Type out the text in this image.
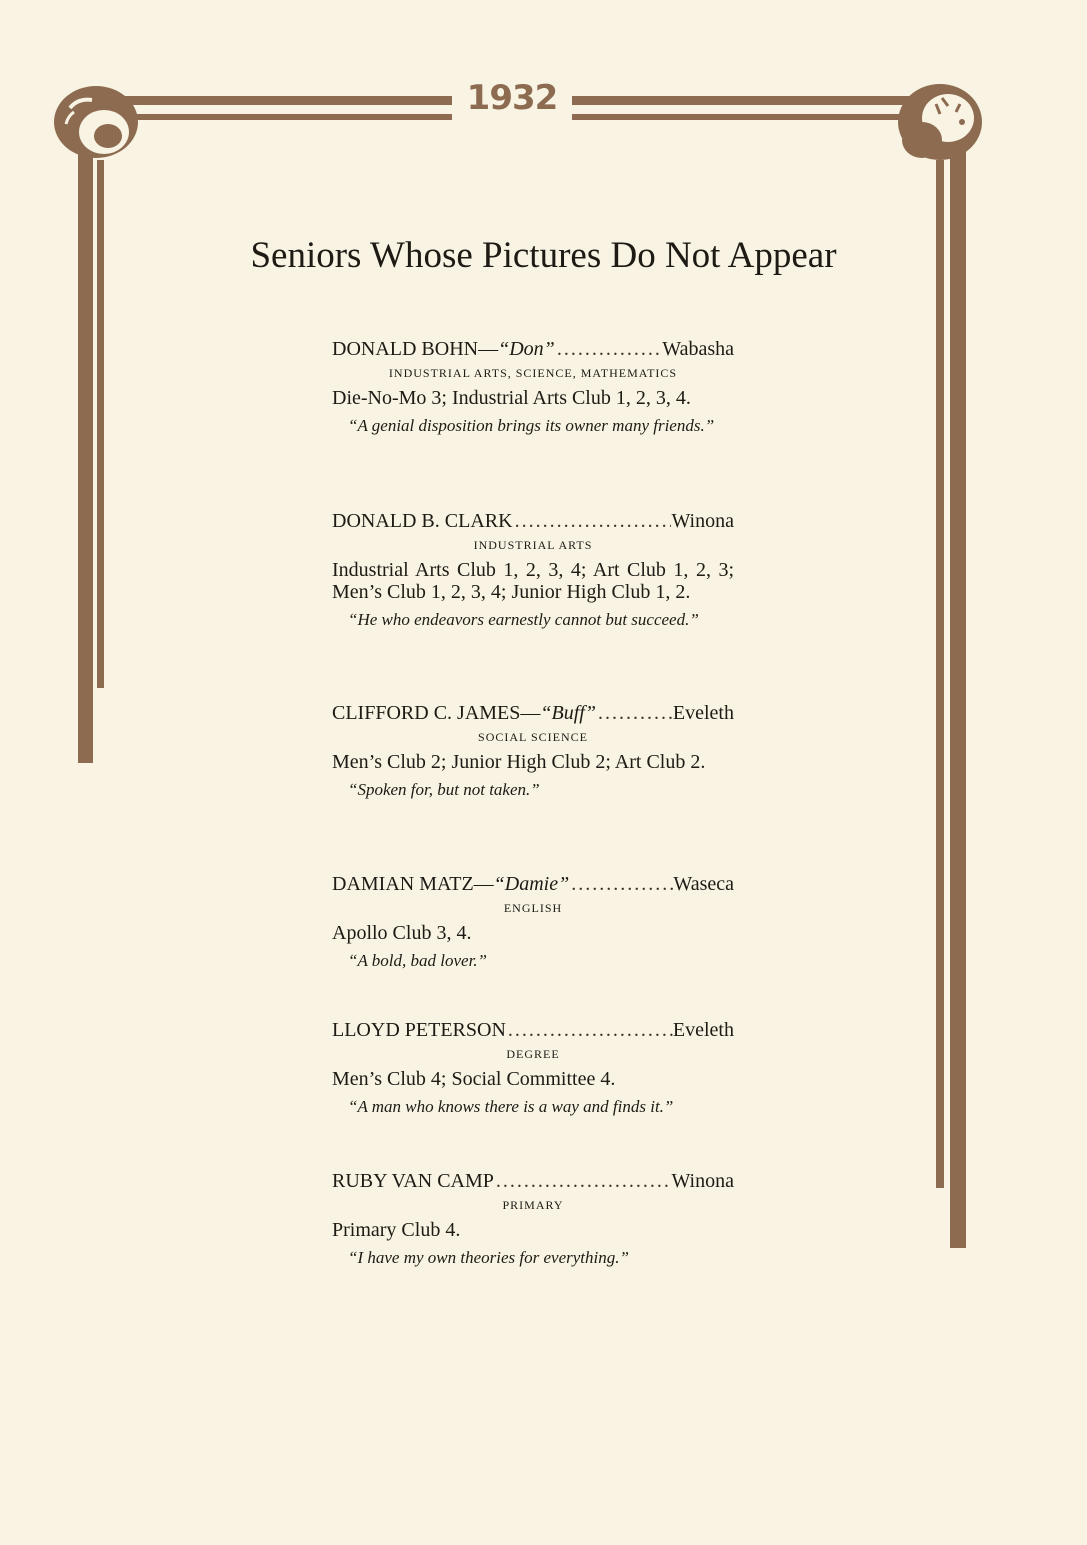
1932
Seniors Whose Pictures Do Not Appear
DONALD BOHN — “Don” .....	Wabasha
INDUSTRIAL ARTS, SCIENCE, MATHEMATICS
Die-No-Mo 3; Industrial Arts Club 1, 2, 3, 4.
“A genial disposition brings its owner many friends.”
DONALD B. CLARK .....	Winona
INDUSTRIAL ARTS
Industrial Arts Club 1, 2, 3, 4; Art Club 1, 2, 3; Men’s Club 1, 2, 3, 4; Junior High Club 1, 2.
“He who endeavors earnestly cannot but succeed.”
CLIFFORD C. JAMES — “Buff” .....	Eveleth
SOCIAL SCIENCE
Men’s Club 2; Junior High Club 2; Art Club 2.
“Spoken for, but not taken.”
DAMIAN MATZ — “Damie” .....	Waseca
ENGLISH
Apollo Club 3, 4.
“A bold, bad lover.”
LLOYD PETERSON .....	Eveleth
DEGREE
Men’s Club 4; Social Committee 4.
“A man who knows there is a way and finds it.”
RUBY VAN CAMP .....	Winona
PRIMARY
Primary Club 4.
“I have my own theories for everything.”
